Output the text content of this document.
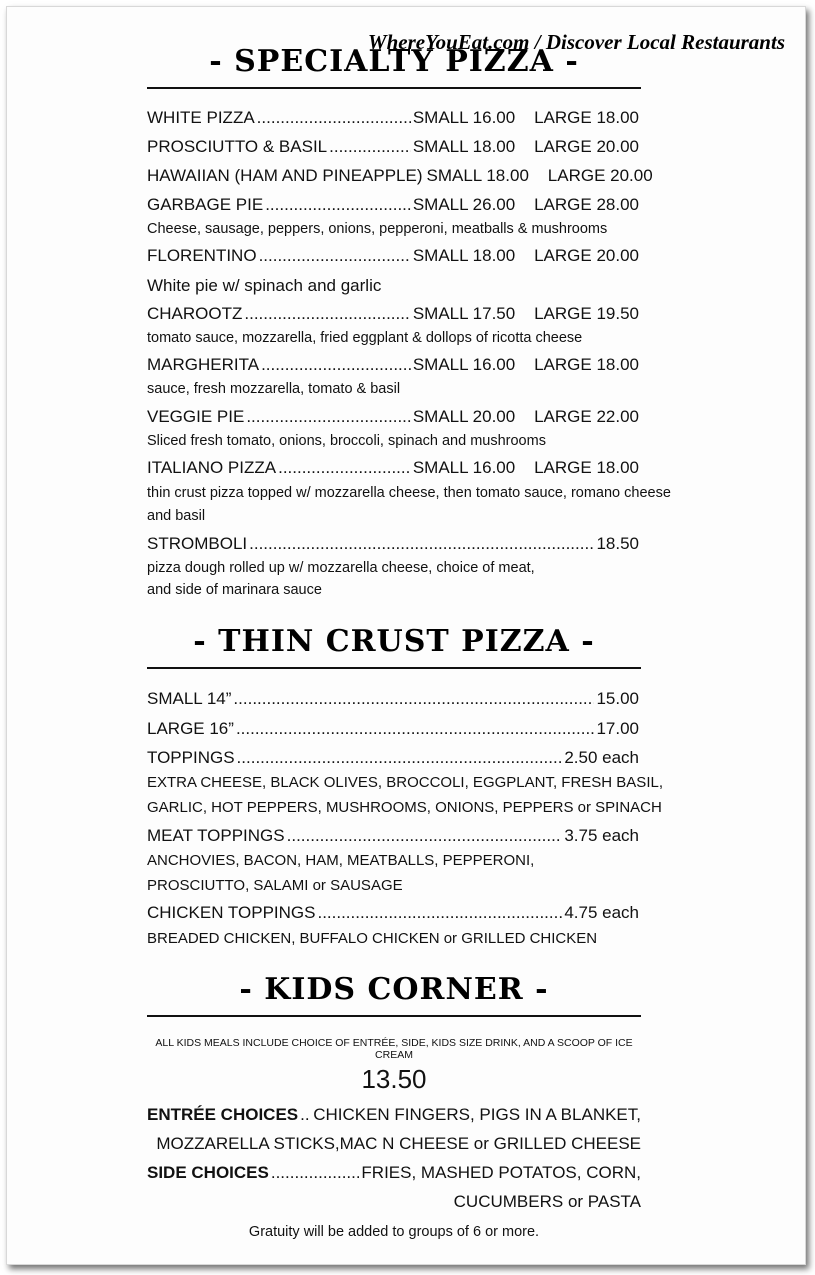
WhereYouEat.com / Discover Local Restaurants
- SPECIALTY PIZZA -
WHITE PIZZA .....	SMALL 16.00    LARGE 18.00
PROSCIUTTO & BASIL .....	SMALL 18.00    LARGE 20.00
HAWAIIAN (HAM AND PINEAPPLE) SMALL 18.00    LARGE 20.00
GARBAGE PIE .....	SMALL 26.00    LARGE 28.00
Cheese, sausage, peppers, onions, pepperoni, meatballs & mushrooms
FLORENTINO .....	SMALL 18.00    LARGE 20.00
White pie w/ spinach and garlic
CHAROOTZ .....	SMALL 17.50    LARGE 19.50
tomato sauce, mozzarella, fried eggplant & dollops of ricotta cheese
MARGHERITA .....	SMALL 16.00    LARGE 18.00
sauce, fresh mozzarella, tomato & basil
VEGGIE PIE .....	SMALL 20.00    LARGE 22.00
Sliced fresh tomato, onions, broccoli, spinach and mushrooms
ITALIANO PIZZA .....	SMALL 16.00    LARGE 18.00
thin crust pizza topped w/ mozzarella cheese, then tomato sauce, romano cheese
and basil
STROMBOLI .....	18.50
pizza dough rolled up w/ mozzarella cheese, choice of meat,
and side of marinara sauce
- THIN CRUST PIZZA -
SMALL 14” .....	15.00
LARGE 16” .....	17.00
TOPPINGS .....	2.50 each
EXTRA CHEESE, BLACK OLIVES, BROCCOLI, EGGPLANT, FRESH BASIL,
GARLIC, HOT PEPPERS, MUSHROOMS, ONIONS, PEPPERS or SPINACH
MEAT TOPPINGS .....	3.75 each
ANCHOVIES, BACON, HAM, MEATBALLS, PEPPERONI,
PROSCIUTTO, SALAMI or SAUSAGE
CHICKEN TOPPINGS .....	4.75 each
BREADED CHICKEN, BUFFALO CHICKEN or GRILLED CHICKEN
- KIDS CORNER -
ALL KIDS MEALS INCLUDE CHOICE OF ENTRÉE, SIDE, KIDS SIZE DRINK, AND A SCOOP OF ICE CREAM
13.50
ENTRÉE CHOICES ..... CHICKEN FINGERS, PIGS IN A BLANKET,
MOZZARELLA STICKS,MAC N CHEESE or GRILLED CHEESE
SIDE CHOICES .....	FRIES, MASHED POTATOS, CORN,
CUCUMBERS or PASTA
Gratuity will be added to groups of 6 or more.
